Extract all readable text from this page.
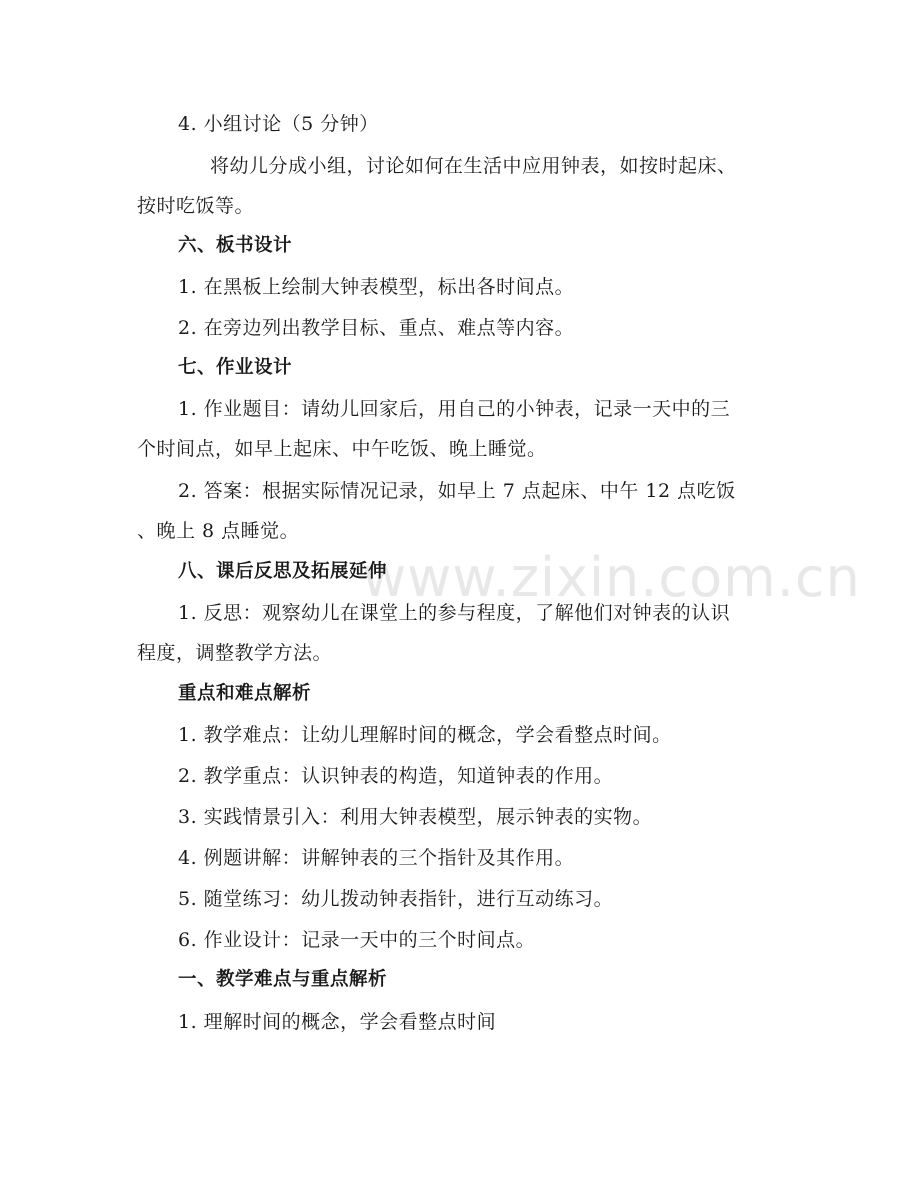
www.zixin.com.cn
4. 小组讨论（5 分钟）
将幼儿分成小组，讨论如何在生活中应用钟表，如按时起床、
按时吃饭等。
六、板书设计
1. 在黑板上绘制大钟表模型，标出各时间点。
2. 在旁边列出教学目标、重点、难点等内容。
七、作业设计
1. 作业题目：请幼儿回家后，用自己的小钟表，记录一天中的三
个时间点，如早上起床、中午吃饭、晚上睡觉。
2. 答案：根据实际情况记录，如早上 7 点起床、中午 12 点吃饭
、晚上 8 点睡觉。
八、课后反思及拓展延伸
1. 反思：观察幼儿在课堂上的参与程度，了解他们对钟表的认识
程度，调整教学方法。
重点和难点解析
1. 教学难点：让幼儿理解时间的概念，学会看整点时间。
2. 教学重点：认识钟表的构造，知道钟表的作用。
3. 实践情景引入：利用大钟表模型，展示钟表的实物。
4. 例题讲解：讲解钟表的三个指针及其作用。
5. 随堂练习：幼儿拨动钟表指针，进行互动练习。
6. 作业设计：记录一天中的三个时间点。
一、教学难点与重点解析
1. 理解时间的概念，学会看整点时间
